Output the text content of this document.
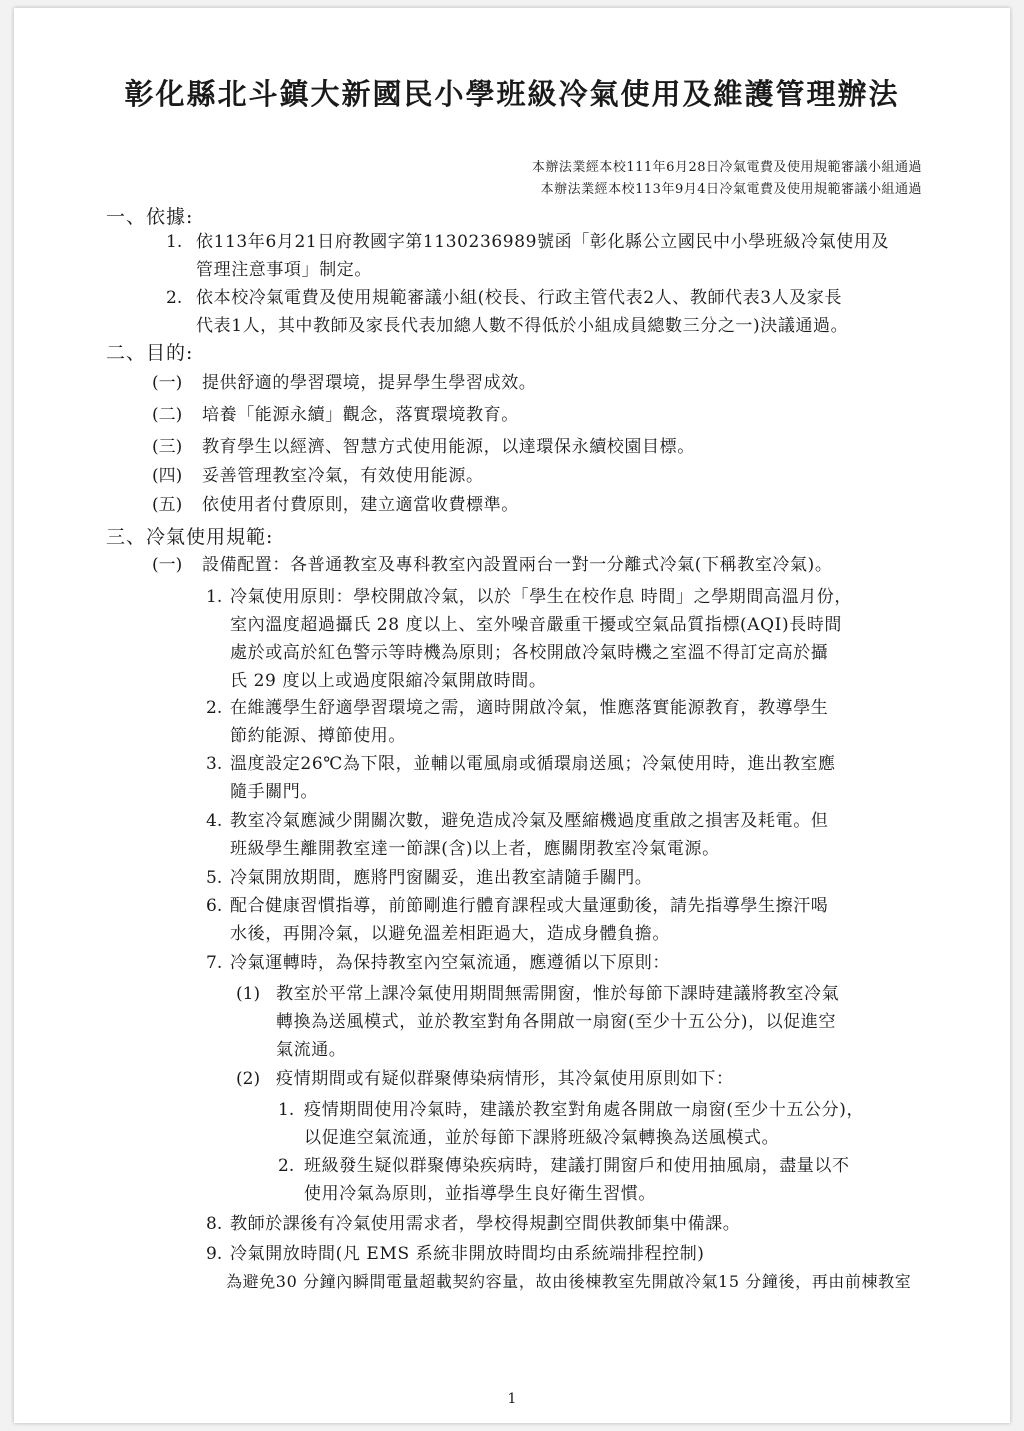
彰化縣北斗鎮大新國民小學班級冷氣使用及維護管理辦法
本辦法業經本校111年6月28日冷氣電費及使用規範審議小組通過
本辦法業經本校113年9月4日冷氣電費及使用規範審議小組通過
一、依據:
1. 依113年6月21日府教國字第1130236989號函「彰化縣公立國民中小學班級冷氣使用及
管理注意事項」制定。
2. 依本校冷氣電費及使用規範審議小組(校長、行政主管代表2人、教師代表3人及家長
代表1人，其中教師及家長代表加總人數不得低於小組成員總數三分之一)決議通過。
二、目的:
(一) 提供舒適的學習環境，提昇學生學習成效。
(二) 培養「能源永續」觀念，落實環境教育。
(三) 教育學生以經濟、智慧方式使用能源，以達環保永續校園目標。
(四) 妥善管理教室冷氣，有效使用能源。
(五) 依使用者付費原則，建立適當收費標準。
三、冷氣使用規範:
(一) 設備配置：各普通教室及專科教室內設置兩台一對一分離式冷氣(下稱教室冷氣)。
1. 冷氣使用原則：學校開啟冷氣，以於「學生在校作息 時間」之學期間高溫月份，
室內溫度超過攝氏 28 度以上、室外噪音嚴重干擾或空氣品質指標(AQI)長時間
處於或高於紅色警示等時機為原則；各校開啟冷氣時機之室溫不得訂定高於攝
氏 29 度以上或過度限縮冷氣開啟時間。
2. 在維護學生舒適學習環境之需，適時開啟冷氣，惟應落實能源教育，教導學生
節約能源、撙節使用。
3. 溫度設定26℃為下限，並輔以電風扇或循環扇送風；冷氣使用時，進出教室應
隨手關門。
4. 教室冷氣應減少開關次數，避免造成冷氣及壓縮機過度重啟之損害及耗電。但
班級學生離開教室達一節課(含)以上者，應關閉教室冷氣電源。
5. 冷氣開放期間，應將門窗關妥，進出教室請隨手關門。
6. 配合健康習慣指導，前節剛進行體育課程或大量運動後，請先指導學生擦汗喝
水後，再開冷氣，以避免溫差相距過大，造成身體負擔。
7. 冷氣運轉時，為保持教室內空氣流通，應遵循以下原則：
(1) 教室於平常上課冷氣使用期間無需開窗，惟於每節下課時建議將教室冷氣
轉換為送風模式，並於教室對角各開啟一扇窗(至少十五公分)，以促進空
氣流通。
(2) 疫情期間或有疑似群聚傳染病情形，其冷氣使用原則如下：
1. 疫情期間使用冷氣時，建議於教室對角處各開啟一扇窗(至少十五公分)，
以促進空氣流通，並於每節下課將班級冷氣轉換為送風模式。
2. 班級發生疑似群聚傳染疾病時，建議打開窗戶和使用抽風扇，盡量以不
使用冷氣為原則，並指導學生良好衛生習慣。
8. 教師於課後有冷氣使用需求者，學校得規劃空間供教師集中備課。
9. 冷氣開放時間(凡 EMS 系統非開放時間均由系統端排程控制)
為避免30 分鐘內瞬間電量超載契約容量，故由後棟教室先開啟冷氣15 分鐘後，再由前棟教室
1
